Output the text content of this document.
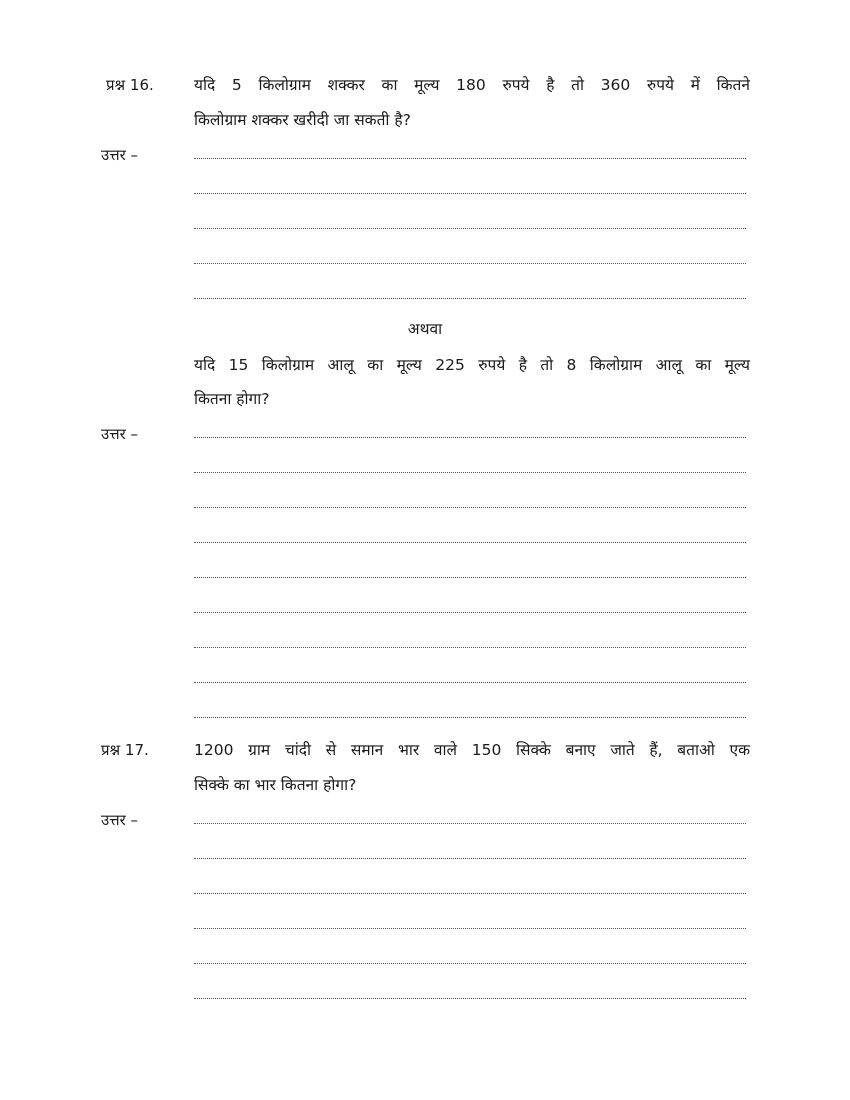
प्रश्न 16.	यदि 5 किलोग्राम शक्कर का मूल्य 180 रुपये है तो 360 रुपये में कितने
किलोग्राम शक्कर खरीदी जा सकती है?
उत्तर –
अथवा
यदि 15 किलोग्राम आलू का मूल्य 225 रुपये है तो 8 किलोग्राम आलू का मूल्य
कितना होगा?
उत्तर –
प्रश्न 17.	1200 ग्राम चांदी से समान भार वाले 150 सिक्के बनाए जाते हैं, बताओ एक
सिक्के का भार कितना होगा?
उत्तर –
